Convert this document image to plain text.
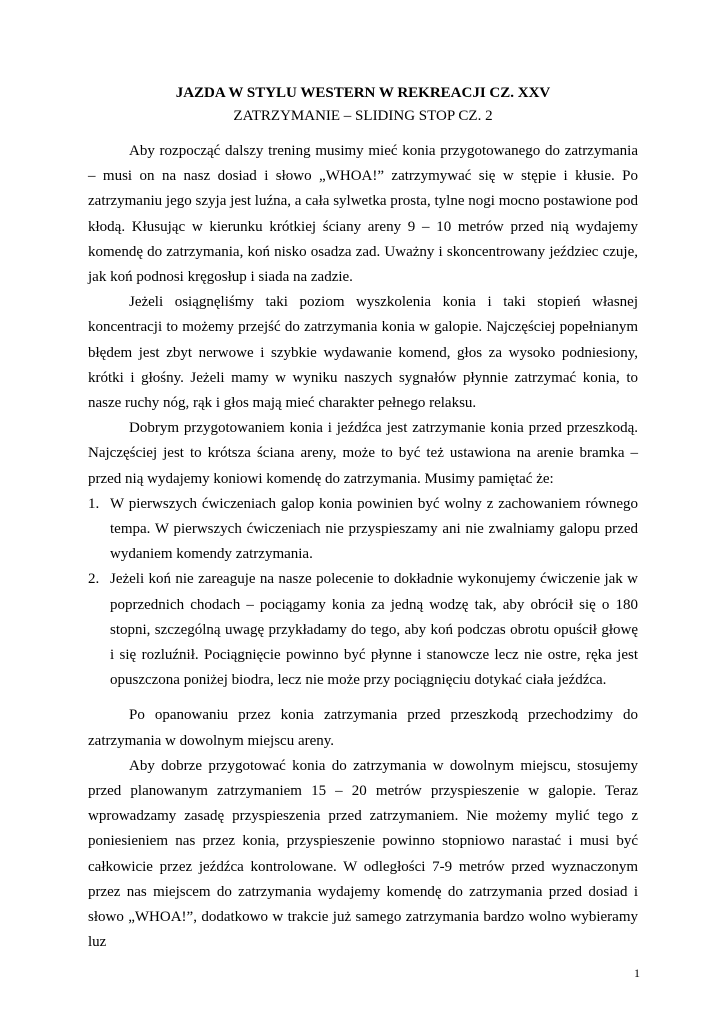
JAZDA W STYLU WESTERN W REKREACJI CZ. XXV
ZATRZYMANIE – SLIDING STOP CZ. 2

Aby rozpocząć dalszy trening musimy mieć konia przygotowanego do zatrzymania – musi on na nasz dosiad i słowo „WHOA!” zatrzymywać się w stępie i kłusie. Po zatrzymaniu jego szyja jest luźna, a cała sylwetka prosta, tylne nogi mocno postawione pod kłodą. Kłusując w kierunku krótkiej ściany areny 9 – 10 metrów przed nią wydajemy komendę do zatrzymania, koń nisko osadza zad. Uważny i skoncentrowany jeździec czuje, jak koń podnosi kręgosłup i siada na zadzie.

Jeżeli osiągnęliśmy taki poziom wyszkolenia konia i taki stopień własnej koncentracji to możemy przejść do zatrzymania konia w galopie. Najczęściej popełnianym błędem jest zbyt nerwowe i szybkie wydawanie komend, głos za wysoko podniesiony, krótki i głośny. Jeżeli mamy w wyniku naszych sygnałów płynnie zatrzymać konia, to nasze ruchy nóg, rąk i głos mają mieć charakter pełnego relaksu.

Dobrym przygotowaniem konia i jeźdźca jest zatrzymanie konia przed przeszkodą. Najczęściej jest to krótsza ściana areny, może to być też ustawiona na arenie bramka – przed nią wydajemy koniowi komendę do zatrzymania. Musimy pamiętać że:

1. W pierwszych ćwiczeniach galop konia powinien być wolny z zachowaniem równego tempa. W pierwszych ćwiczeniach nie przyspieszamy ani nie zwalniamy galopu przed wydaniem komendy zatrzymania.
2. Jeżeli koń nie zareaguje na nasze polecenie to dokładnie wykonujemy ćwiczenie jak w poprzednich chodach – pociągamy konia za jedną wodzę tak, aby obrócił się o 180 stopni, szczególną uwagę przykładamy do tego, aby koń podczas obrotu opuścił głowę i się rozluźnił. Pociągnięcie powinno być płynne i stanowcze lecz nie ostre, ręka jest opuszczona poniżej biodra, lecz nie może przy pociągnięciu dotykać ciała jeźdźca.

Po opanowaniu przez konia zatrzymania przed przeszkodą przechodzimy do zatrzymania w dowolnym miejscu areny.

Aby dobrze przygotować konia do zatrzymania w dowolnym miejscu, stosujemy przed planowanym zatrzymaniem 15 – 20 metrów przyspieszenie w galopie. Teraz wprowadzamy zasadę przyspieszenia przed zatrzymaniem. Nie możemy mylić tego z poniesieniem nas przez konia, przyspieszenie powinno stopniowo narastać i musi być całkowicie przez jeźdźca kontrolowane. W odległości 7-9 metrów przed wyznaczonym przez nas miejscem do zatrzymania wydajemy komendę do zatrzymania przed dosiad i słowo „WHOA!”, dodatkowo w trakcie już samego zatrzymania bardzo wolno wybieramy luz

1
